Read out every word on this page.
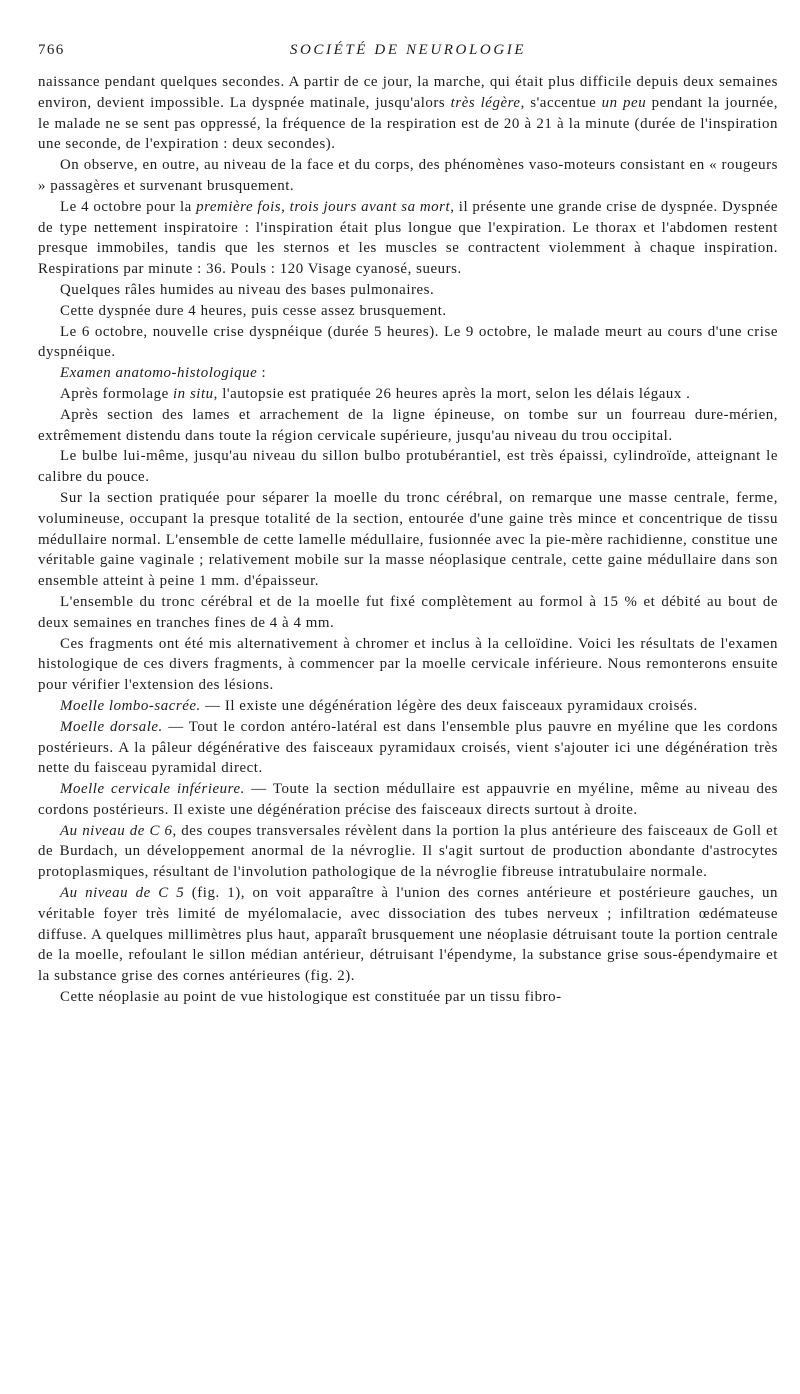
766	SOCIÉTÉ DE NEUROLOGIE

naissance pendant quelques secondes. A partir de ce jour, la marche, qui était plus difficile depuis deux semaines environ, devient impossible. La dyspnée matinale, jusqu'alors très légère, s'accentue un peu pendant la journée, le malade ne se sent pas oppressé, la fréquence de la respiration est de 20 à 21 à la minute (durée de l'inspiration une seconde, de l'expiration : deux secondes).

On observe, en outre, au niveau de la face et du corps, des phénomènes vaso-moteurs consistant en « rougeurs » passagères et survenant brusquement.

Le 4 octobre pour la première fois, trois jours avant sa mort, il présente une grande crise de dyspnée. Dyspnée de type nettement inspiratoire : l'inspiration était plus longue que l'expiration. Le thorax et l'abdomen restent presque immobiles, tandis que les sternos et les muscles se contractent violemment à chaque inspiration. Respirations par minute : 36. Pouls : 120 Visage cyanosé, sueurs.

Quelques râles humides au niveau des bases pulmonaires.

Cette dyspnée dure 4 heures, puis cesse assez brusquement.

Le 6 octobre, nouvelle crise dyspnéique (durée 5 heures). Le 9 octobre, le malade meurt au cours d'une crise dyspnéique.

Examen anatomo-histologique :

Après formolage in situ, l'autopsie est pratiquée 26 heures après la mort, selon les délais légaux .

Après section des lames et arrachement de la ligne épineuse, on tombe sur un fourreau dure-mérien, extrêmement distendu dans toute la région cervicale supérieure, jusqu'au niveau du trou occipital.

Le bulbe lui-même, jusqu'au niveau du sillon bulbo protubérantiel, est très épaissi, cylindroïde, atteignant le calibre du pouce.

Sur la section pratiquée pour séparer la moelle du tronc cérébral, on remarque une masse centrale, ferme, volumineuse, occupant la presque totalité de la section, entourée d'une gaine très mince et concentrique de tissu médullaire normal. L'ensemble de cette lamelle médullaire, fusionnée avec la pie-mère rachidienne, constitue une véritable gaine vaginale ; relativement mobile sur la masse néoplasique centrale, cette gaine médullaire dans son ensemble atteint à peine 1 mm. d'épaisseur.

L'ensemble du tronc cérébral et de la moelle fut fixé complètement au formol à 15 % et débité au bout de deux semaines en tranches fines de 4 à 4 mm.

Ces fragments ont été mis alternativement à chromer et inclus à la celloïdine. Voici les résultats de l'examen histologique de ces divers fragments, à commencer par la moelle cervicale inférieure. Nous remonterons ensuite pour vérifier l'extension des lésions.

Moelle lombo-sacrée. — Il existe une dégénération légère des deux faisceaux pyramidaux croisés.

Moelle dorsale. — Tout le cordon antéro-latéral est dans l'ensemble plus pauvre en myéline que les cordons postérieurs. A la pâleur dégénérative des faisceaux pyramidaux croisés, vient s'ajouter ici une dégénération très nette du faisceau pyramidal direct.

Moelle cervicale inférieure. — Toute la section médullaire est appauvrie en myéline, même au niveau des cordons postérieurs. Il existe une dégénération précise des faisceaux directs surtout à droite.

Au niveau de C 6, des coupes transversales révèlent dans la portion la plus antérieure des faisceaux de Goll et de Burdach, un développement anormal de la névroglie. Il s'agit surtout de production abondante d'astrocytes protoplasmiques, résultant de l'involution pathologique de la névroglie fibreuse intratubulaire normale.

Au niveau de C 5 (fig. 1), on voit apparaître à l'union des cornes antérieure et postérieure gauches, un véritable foyer très limité de myélomalacie, avec dissociation des tubes nerveux ; infiltration œdémateuse diffuse. A quelques millimètres plus haut, apparaît brusquement une néoplasie détruisant toute la portion centrale de la moelle, refoulant le sillon médian antérieur, détruisant l'épendyme, la substance grise sous-épendymaire et la substance grise des cornes antérieures (fig. 2).

Cette néoplasie au point de vue histologique est constituée par un tissu fibro-
